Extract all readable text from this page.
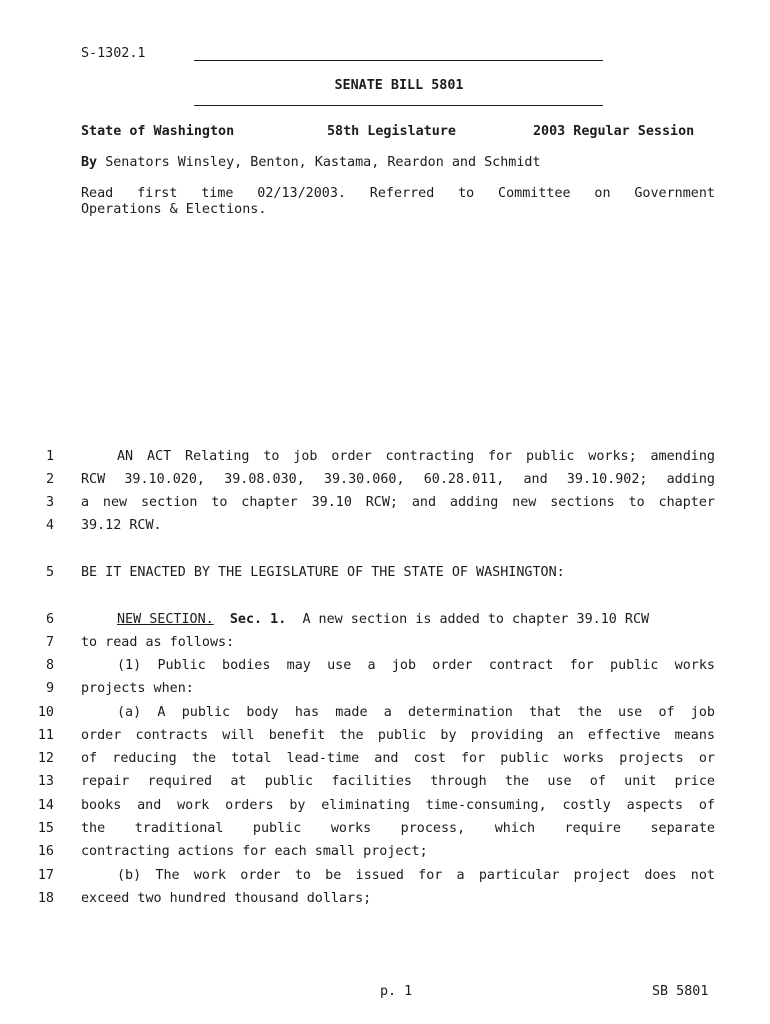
S-1302.1
SENATE BILL 5801
State of Washington	58th Legislature	2003 Regular Session
By Senators Winsley, Benton, Kastama, Reardon and Schmidt
Read first time 02/13/2003. Referred to Committee on Government
Operations & Elections.
1
2
3
4
5
6
7
8
9
10
11
12
13
14
15
16
17
18
AN ACT Relating to job order contracting for public works; amending
RCW 39.10.020, 39.08.030, 39.30.060, 60.28.011, and 39.10.902; adding
a new section to chapter 39.10 RCW; and adding new sections to chapter
39.12 RCW.
BE IT ENACTED BY THE LEGISLATURE OF THE STATE OF WASHINGTON:
NEW SECTION. Sec. 1. A new section is added to chapter 39.10 RCW
to read as follows:
(1) Public bodies may use a job order contract for public works
projects when:
(a) A public body has made a determination that the use of job
order contracts will benefit the public by providing an effective means
of reducing the total lead-time and cost for public works projects or
repair required at public facilities through the use of unit price
books and work orders by eliminating time-consuming, costly aspects of
the traditional public works process, which require separate
contracting actions for each small project;
(b) The work order to be issued for a particular project does not
exceed two hundred thousand dollars;
p. 1	SB 5801
